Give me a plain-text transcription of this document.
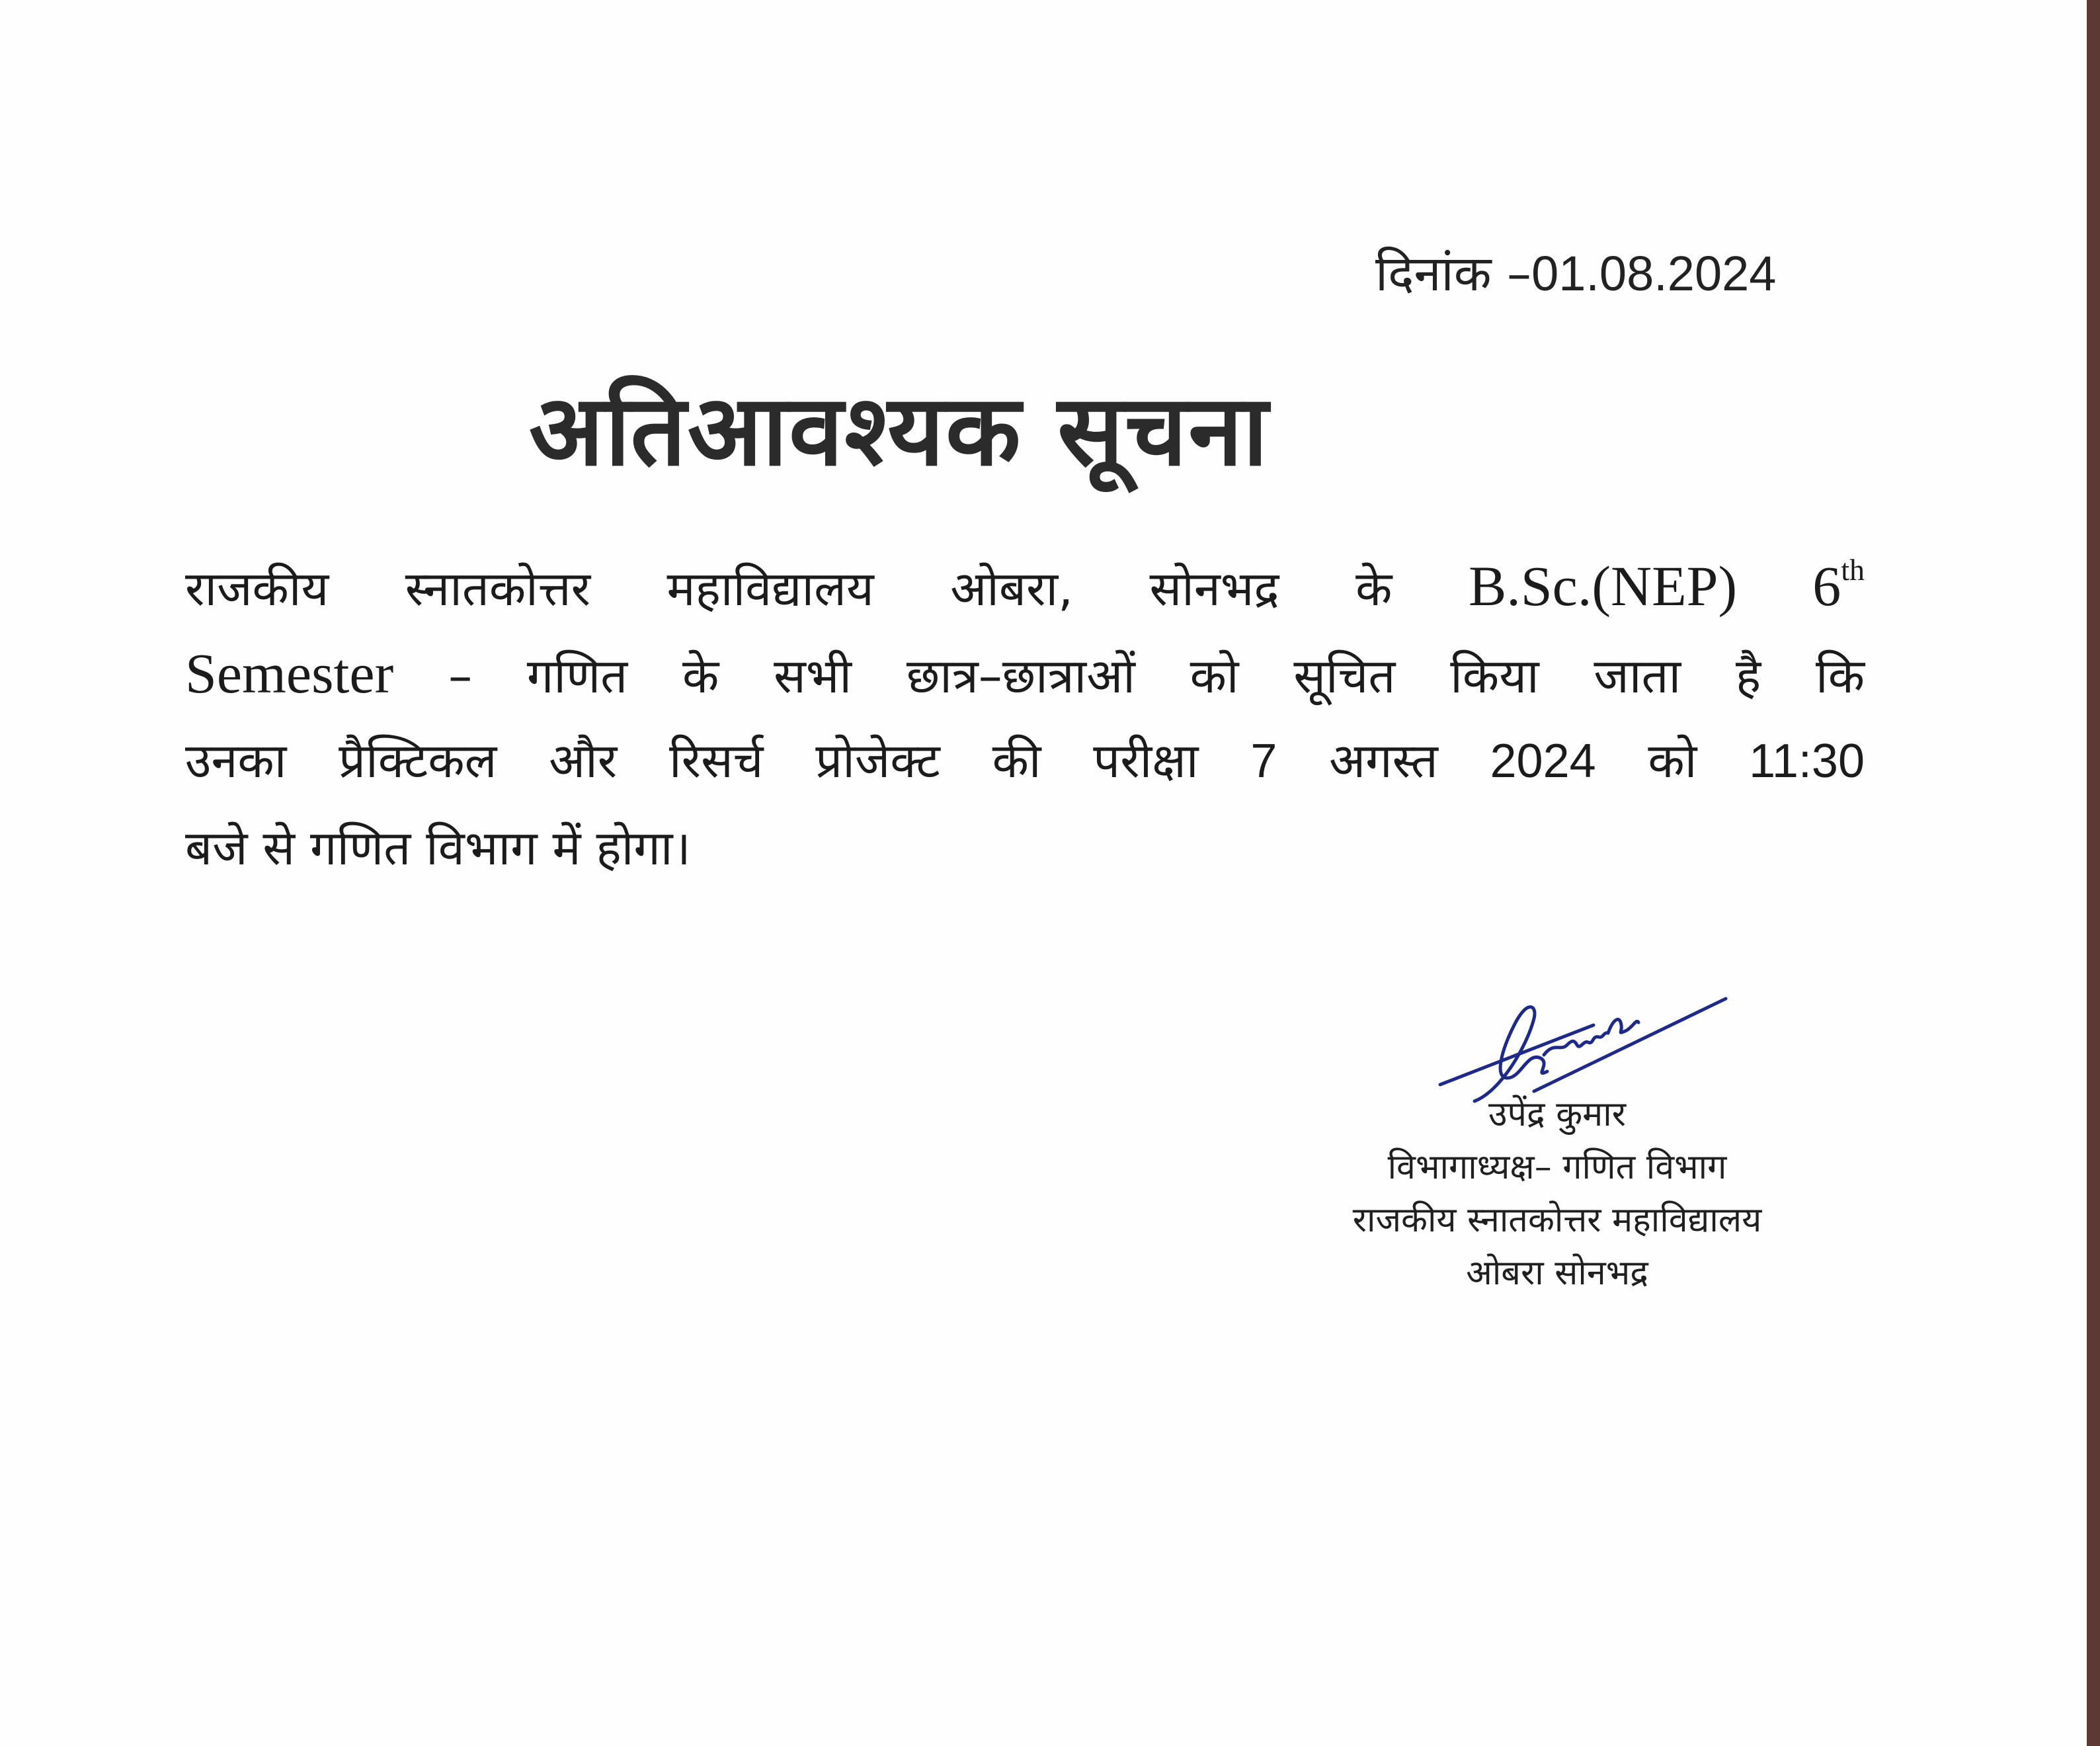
दिनांक –01.08.2024
अतिआवश्यक सूचना
राजकीय स्नातकोत्तर महाविद्यालय ओबरा, सोनभद्र के B.Sc.(NEP) 6th
Semester – गणित के सभी छात्र–छात्राओं को सूचित किया जाता है कि
उनका प्रैक्टिकल और रिसर्च प्रोजेक्ट की परीक्षा 7 अगस्त 2024 को 11:30
बजे से गणित विभाग में होगा।
उपेंद्र कुमार
विभागाध्यक्ष– गणित विभाग
राजकीय स्नातकोत्तर महाविद्यालय
ओबरा सोनभद्र
